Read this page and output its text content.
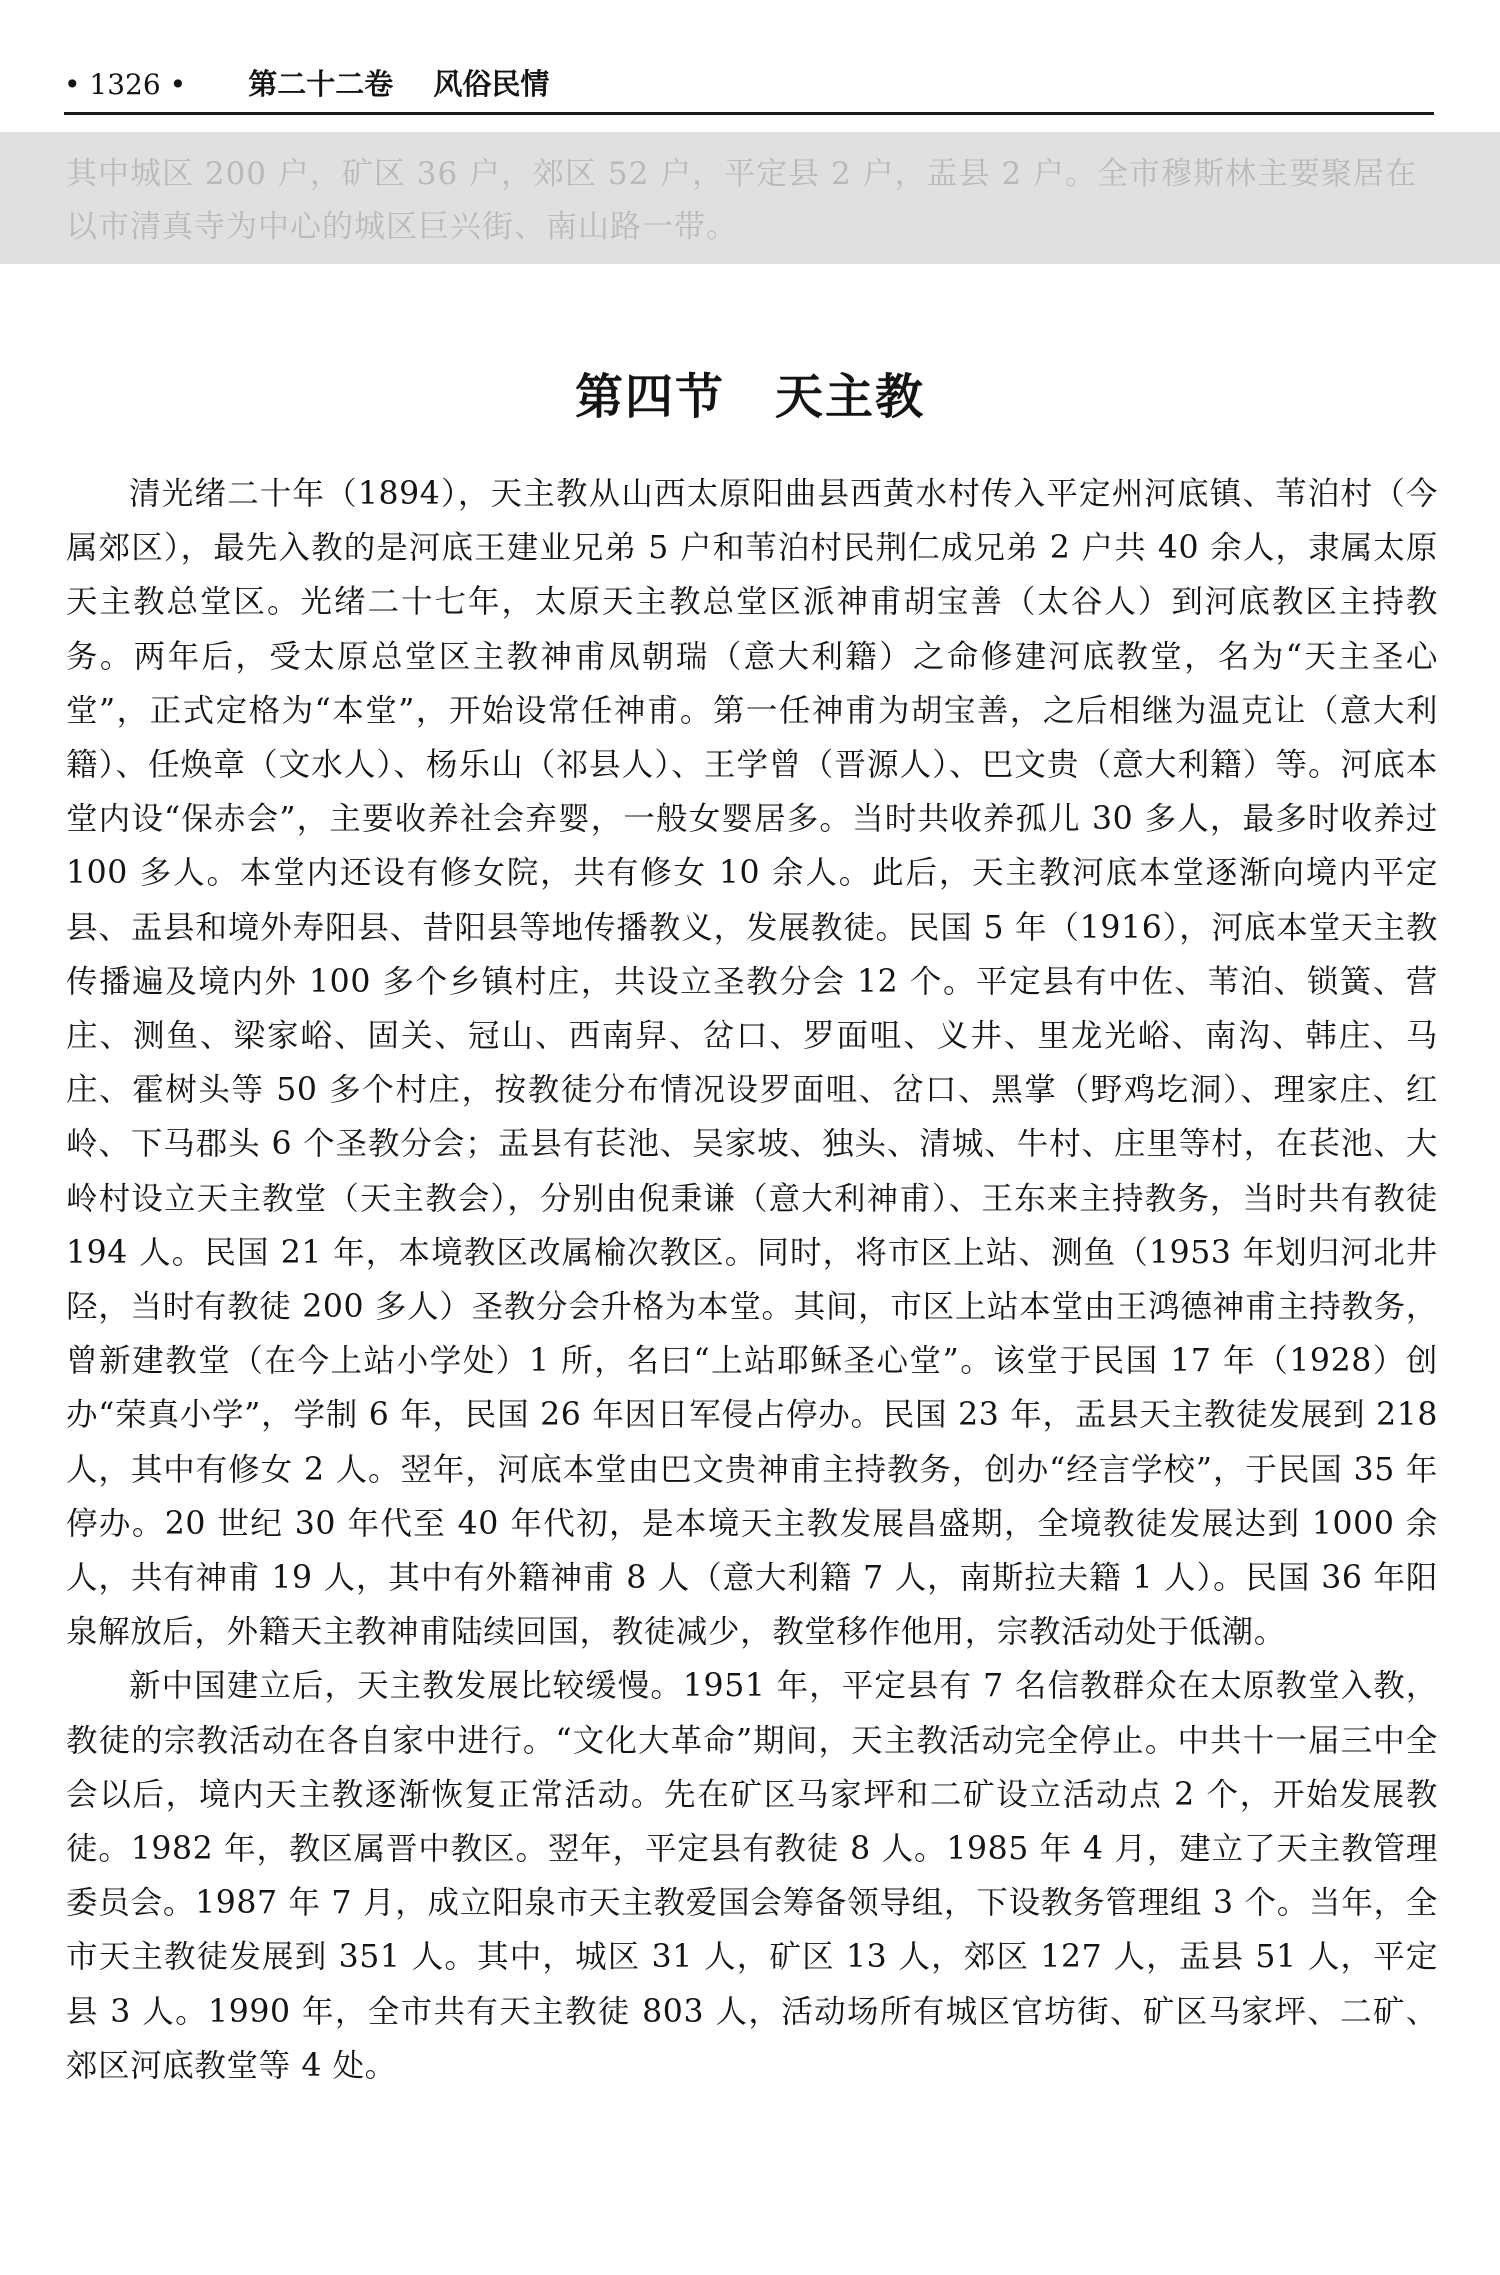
• 1326 • 第二十二卷 风俗民情

其中城区 200 户，矿区 36 户，郊区 52 户，平定县 2 户，盂县 2 户。全市穆斯林主要聚居在以市清真寺为中心的城区巨兴街、南山路一带。

第四节　天主教

清光绪二十年（1894），天主教从山西太原阳曲县西黄水村传入平定州河底镇、苇泊村（今属郊区），最先入教的是河底王建业兄弟 5 户和苇泊村民荆仁成兄弟 2 户共 40 余人，隶属太原天主教总堂区。光绪二十七年，太原天主教总堂区派神甫胡宝善（太谷人）到河底教区主持教务。两年后，受太原总堂区主教神甫凤朝瑞（意大利籍）之命修建河底教堂，名为“天主圣心堂”，正式定格为“本堂”，开始设常任神甫。第一任神甫为胡宝善，之后相继为温克让（意大利籍）、任焕章（文水人）、杨乐山（祁县人）、王学曾（晋源人）、巴文贵（意大利籍）等。河底本堂内设“保赤会”，主要收养社会弃婴，一般女婴居多。当时共收养孤儿 30 多人，最多时收养过 100 多人。本堂内还设有修女院，共有修女 10 余人。此后，天主教河底本堂逐渐向境内平定县、盂县和境外寿阳县、昔阳县等地传播教义，发展教徒。民国 5 年（1916），河底本堂天主教传播遍及境内外 100 多个乡镇村庄，共设立圣教分会 12 个。平定县有中佐、苇泊、锁簧、营庄、测鱼、梁家峪、固关、冠山、西南舁、岔口、罗面咀、义井、里龙光峪、南沟、韩庄、马庄、霍树头等 50 多个村庄，按教徒分布情况设罗面咀、岔口、黑掌（野鸡圪洞）、理家庄、红岭、下马郡头 6 个圣教分会；盂县有苌池、吴家坡、独头、清城、牛村、庄里等村，在苌池、大岭村设立天主教堂（天主教会），分别由倪秉谦（意大利神甫）、王东来主持教务，当时共有教徒 194 人。民国 21 年，本境教区改属榆次教区。同时，将市区上站、测鱼（1953 年划归河北井陉，当时有教徒 200 多人）圣教分会升格为本堂。其间，市区上站本堂由王鸿德神甫主持教务，曾新建教堂（在今上站小学处）1 所，名曰“上站耶稣圣心堂”。该堂于民国 17 年（1928）创办“荣真小学”，学制 6 年，民国 26 年因日军侵占停办。民国 23 年，盂县天主教徒发展到 218 人，其中有修女 2 人。翌年，河底本堂由巴文贵神甫主持教务，创办“经言学校”，于民国 35 年停办。20 世纪 30 年代至 40 年代初，是本境天主教发展昌盛期，全境教徒发展达到 1000 余人，共有神甫 19 人，其中有外籍神甫 8 人（意大利籍 7 人，南斯拉夫籍 1 人）。民国 36 年阳泉解放后，外籍天主教神甫陆续回国，教徒减少，教堂移作他用，宗教活动处于低潮。

新中国建立后，天主教发展比较缓慢。1951 年，平定县有 7 名信教群众在太原教堂入教，教徒的宗教活动在各自家中进行。“文化大革命”期间，天主教活动完全停止。中共十一届三中全会以后，境内天主教逐渐恢复正常活动。先在矿区马家坪和二矿设立活动点 2 个，开始发展教徒。1982 年，教区属晋中教区。翌年，平定县有教徒 8 人。1985 年 4 月，建立了天主教管理委员会。1987 年 7 月，成立阳泉市天主教爱国会筹备领导组，下设教务管理组 3 个。当年，全市天主教徒发展到 351 人。其中，城区 31 人，矿区 13 人，郊区 127 人，盂县 51 人，平定县 3 人。1990 年，全市共有天主教徒 803 人，活动场所有城区官坊街、矿区马家坪、二矿、郊区河底教堂等 4 处。
